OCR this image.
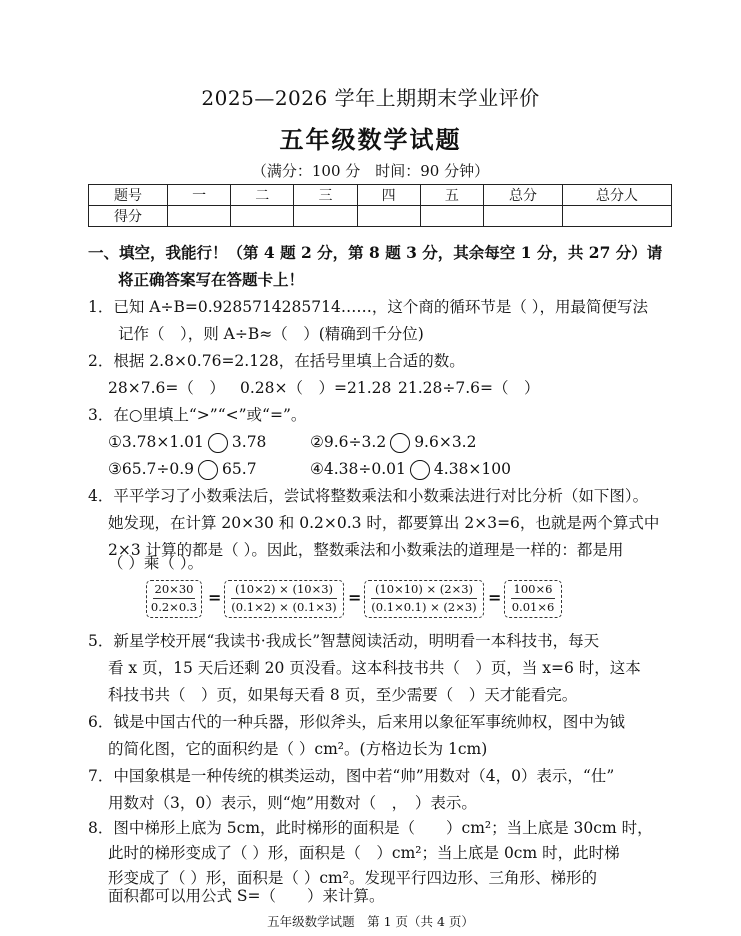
2025—2026 学年上期期末学业评价
五年级数学试题
（满分：100 分　时间：90 分钟）
题号	一	二	三	四	五	总分	总分人
得分							
一、填空，我能行！（第 4 题 2 分，第 8 题 3 分，其余每空 1 分，共 27 分）请
将正确答案写在答题卡上！
1．已知 A÷B=0.9285714285714……，这个商的循环节是（ ），用最简便写法
记作（　），则 A÷B≈（　）(精确到千分位)
2．根据 2.8×0.76=2.128，在括号里填上合适的数。
28×7.6=（　） 0.28×（　）=21.28 21.28÷7.6=（　）
3．在○里填上“>”“<”或“=”。
①3.78×1.01 3.78	②9.6÷3.2 9.6×3.2
③65.7÷0.9 65.7	④4.38÷0.01 4.38×100
4．平平学习了小数乘法后，尝试将整数乘法和小数乘法进行对比分析（如下图）。
她发现，在计算 20×30 和 0.2×0.3 时，都要算出 2×3=6，也就是两个算式中
2×3 计算的都是（ ）。因此，整数乘法和小数乘法的道理是一样的：都是用
（ ）乘（ ）。
20×30
0.2×0.3 =	(10×2) × (10×3)
(0.1×2) × (0.1×3) =	(10×10) × (2×3)
(0.1×0.1) × (2×3) = 100×6
0.01×6
5．新星学校开展“我读书·我成长”智慧阅读活动，明明看一本科技书，每天
看 x 页，15 天后还剩 20 页没看。这本科技书共（　）页，当 x=6 时，这本
科技书共（　）页，如果每天看 8 页，至少需要（　）天才能看完。
6．钺是中国古代的一种兵器，形似斧头，后来用以象征军事统帅权，图中为钺
的简化图，它的面积约是（ ）cm²。(方格边长为 1cm)
7．中国象棋是一种传统的棋类运动，图中若“帅”用数对（4，0）表示，“仕”
用数对（3，0）表示，则“炮”用数对（　，　）表示。
8．图中梯形上底为 5cm，此时梯形的面积是（　　）cm²；当上底是 30cm 时，
此时的梯形变成了（ ）形，面积是（　）cm²；当上底是 0cm 时，此时梯
五年级数学试题　第 1 页（共 4 页）
形变成了（ ）形，面积是（ ）cm²。发现平行四边形、三角形、梯形的
面积都可以用公式 S=（　　）来计算。
